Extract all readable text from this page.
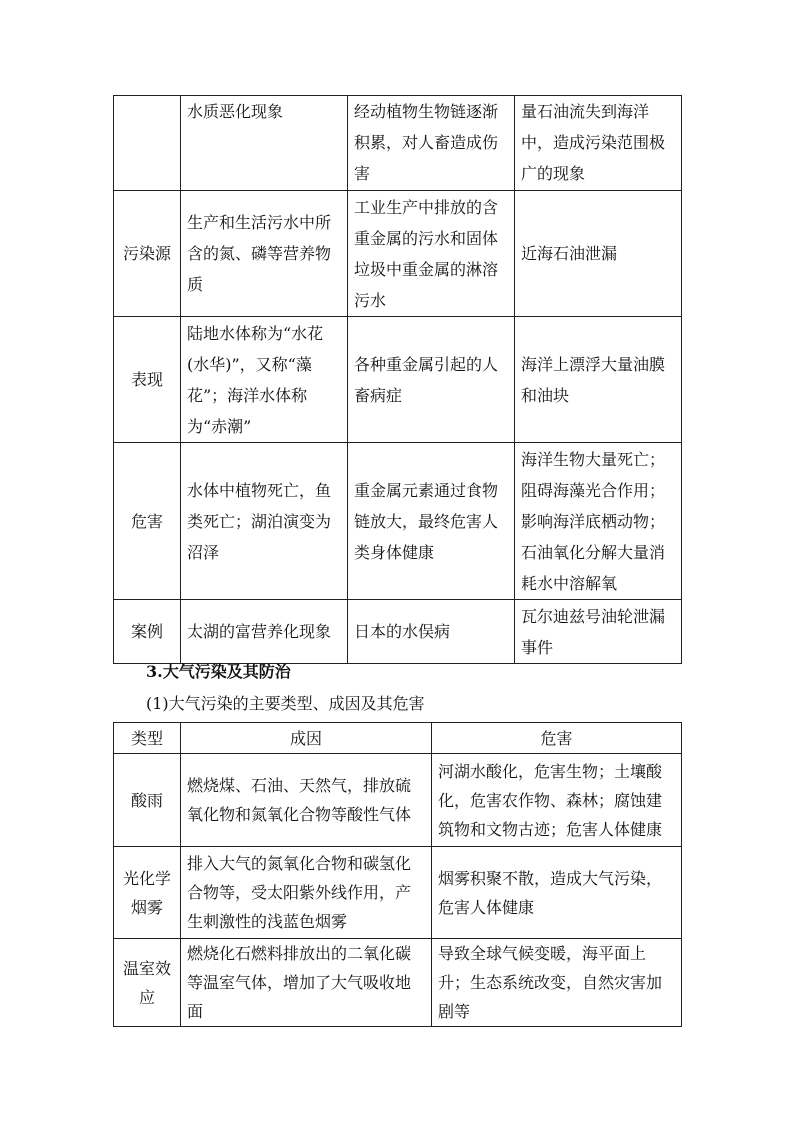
	水质恶化现象	经动植物生物链逐渐积累，对人畜造成伤害	量石油流失到海洋中，造成污染范围极广的现象
污染源	生产和生活污水中所含的氮、磷等营养物质	工业生产中排放的含重金属的污水和固体垃圾中重金属的淋溶污水	近海石油泄漏
表现	陆地水体称为“水花(水华)”，又称“藻花”；海洋水体称为“赤潮”	各种重金属引起的人畜病症	海洋上漂浮大量油膜和油块
危害	水体中植物死亡，鱼类死亡；湖泊演变为沼泽	重金属元素通过食物链放大，最终危害人类身体健康	海洋生物大量死亡；阻碍海藻光合作用；影响海洋底栖动物；石油氧化分解大量消耗水中溶解氧
案例	太湖的富营养化现象	日本的水俣病	瓦尔迪兹号油轮泄漏事件
3.大气污染及其防治
(1)大气污染的主要类型、成因及其危害
类型	成因	危害
酸雨	燃烧煤、石油、天然气，排放硫氧化物和氮氧化合物等酸性气体	河湖水酸化，危害生物；土壤酸化，危害农作物、森林；腐蚀建筑物和文物古迹；危害人体健康
光化学烟雾	排入大气的氮氧化合物和碳氢化合物等，受太阳紫外线作用，产生刺激性的浅蓝色烟雾	烟雾积聚不散，造成大气污染，危害人体健康
温室效应	燃烧化石燃料排放出的二氧化碳等温室气体，增加了大气吸收地面	导致全球气候变暖，海平面上升；生态系统改变，自然灾害加剧等
